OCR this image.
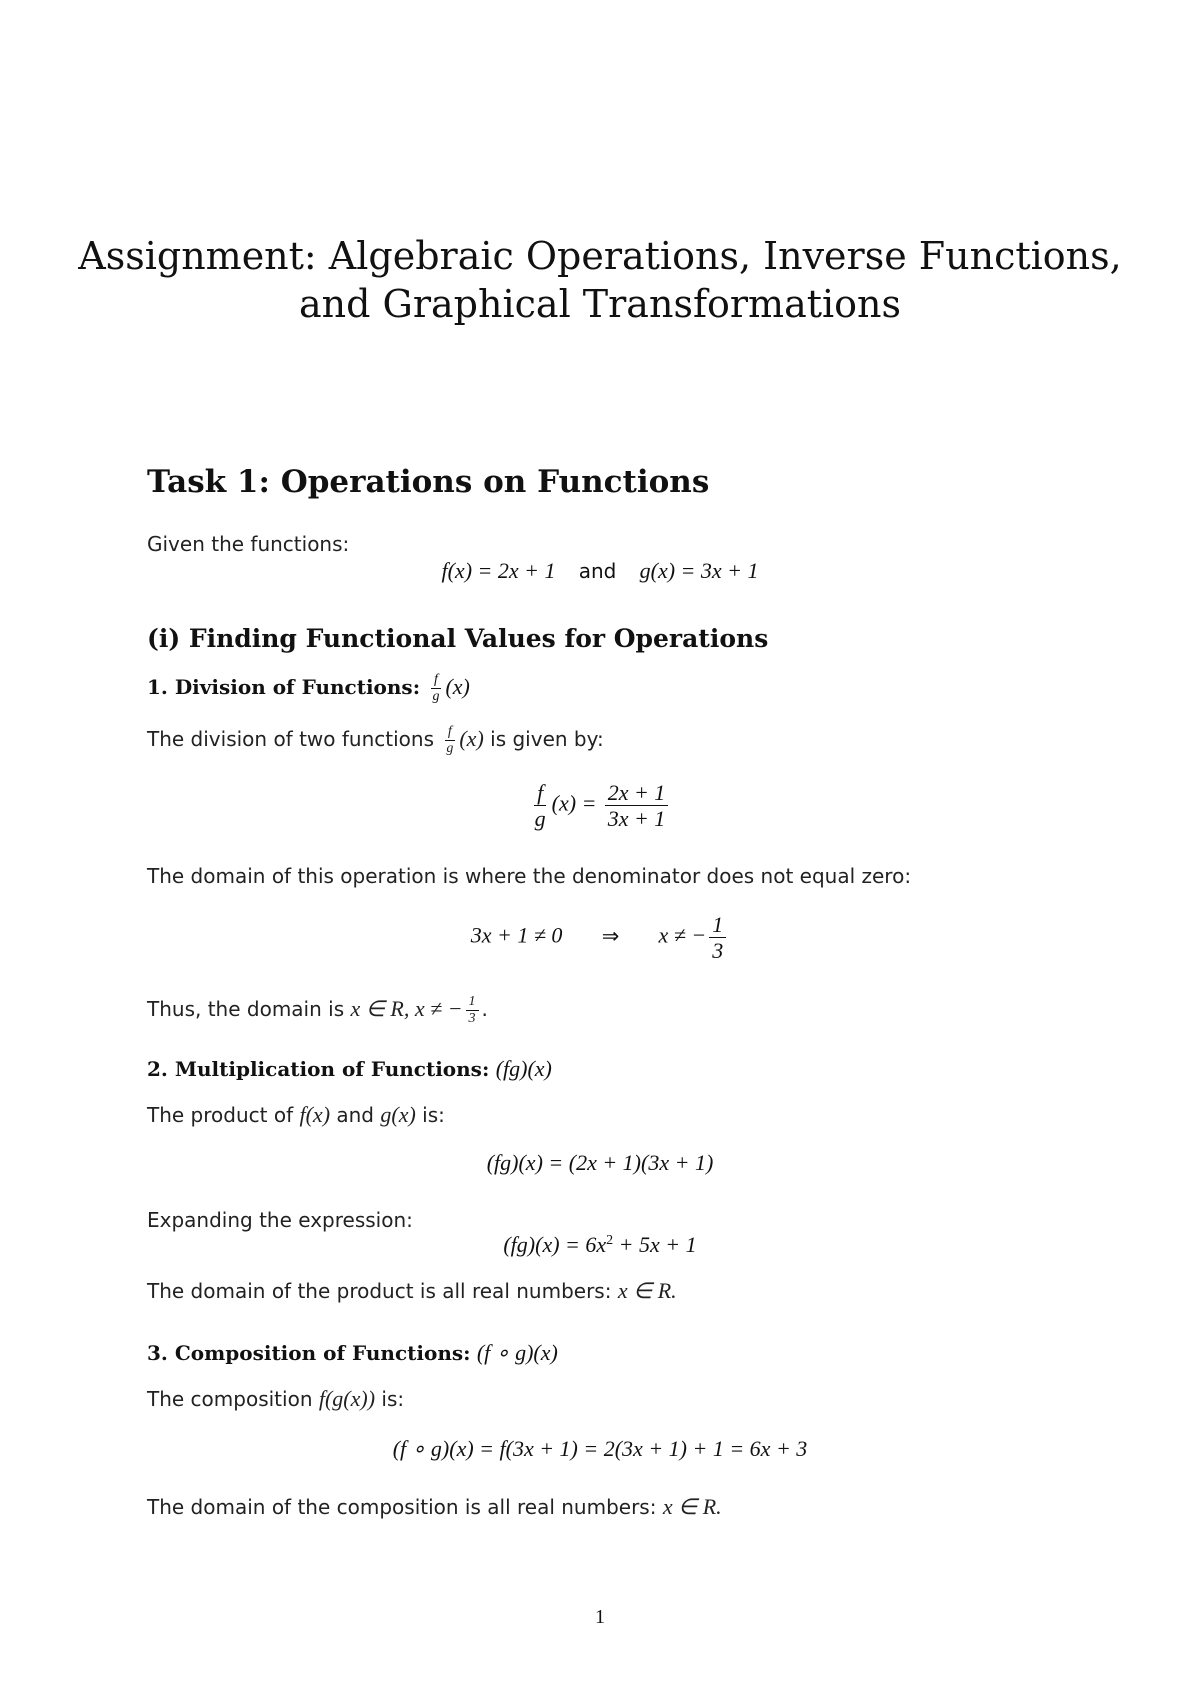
Assignment: Algebraic Operations, Inverse Functions,
and Graphical Transformations
Task 1: Operations on Functions
Given the functions:
f(x) = 2x + 1 and g(x) = 3x + 1
(i) Finding Functional Values for Operations
1. Division of Functions: $\frac{f}{g} (x)$
The division of two functions $\frac{f}{g} (x)$ is given by:
$\frac{f}{g} (x) = \frac{2x + 1}{3x + 1}$
The domain of this operation is where the denominator does not equal zero:
3x + 1 ≠ 0 ⇒ x ≠ − $\frac{1}{3}$
Thus, the domain is x ∈ R, x ≠ − $\frac{1}{3}$ .
2. Multiplication of Functions: (fg)(x)
The product of f(x) and g(x) is:
(fg)(x) = (2x + 1)(3x + 1)
Expanding the expression:
$(fg)(x) = 6x^2 + 5x + 1$
The domain of the product is all real numbers: x ∈ R.
3. Composition of Functions: (f ∘ g)(x)
The composition f(g(x)) is:
(f ∘ g)(x) = f(3x + 1) = 2(3x + 1) + 1 = 6x + 3
The domain of the composition is all real numbers: x ∈ R.
1
